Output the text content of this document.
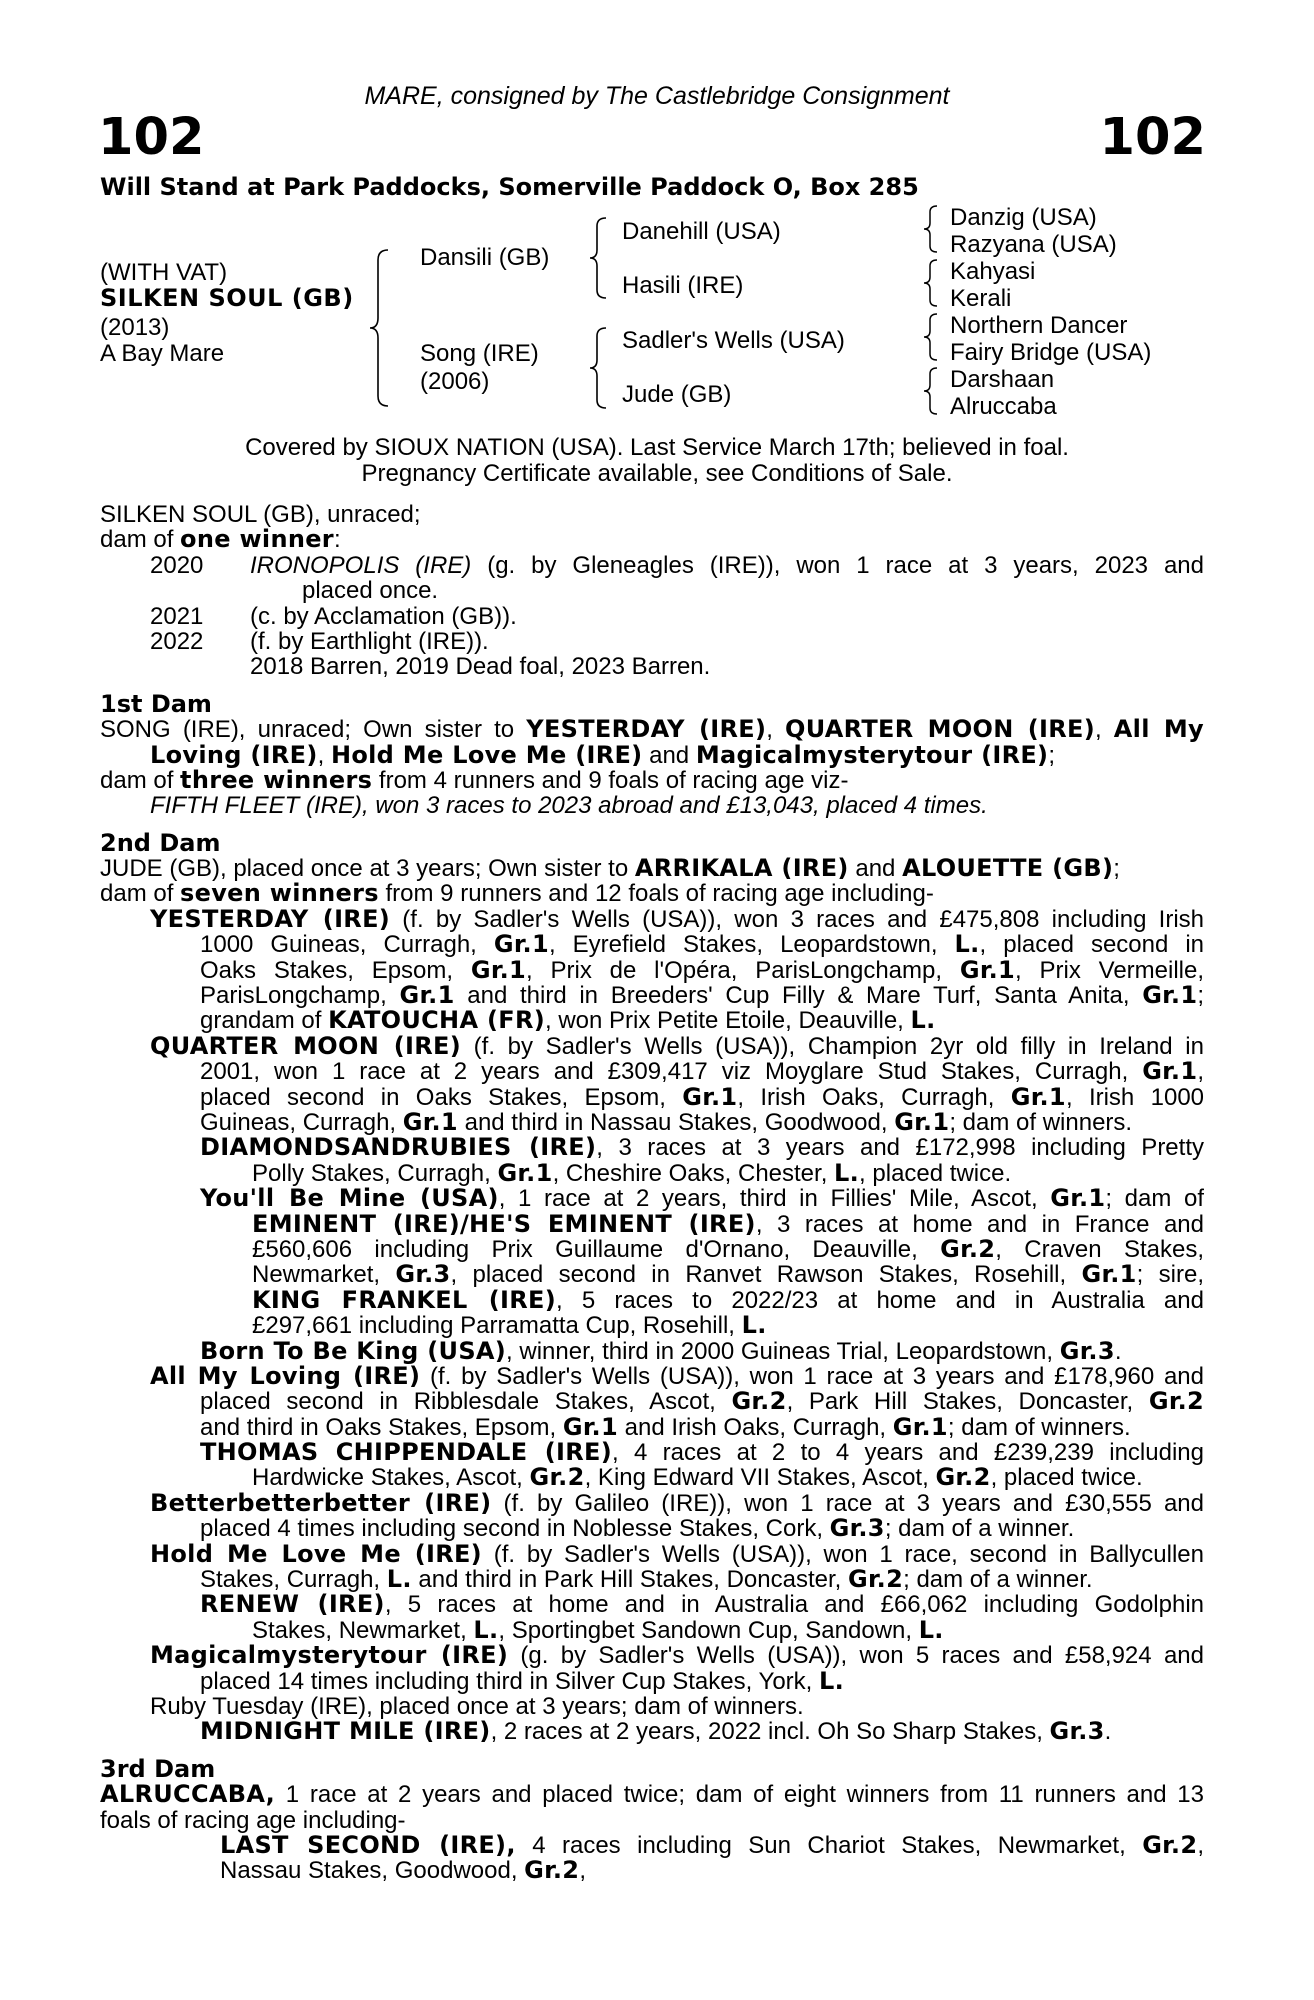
MARE, consigned by The Castlebridge Consignment
102	102
Will Stand at Park Paddocks, Somerville Paddock O, Box 285
(WITH VAT)
SILKEN SOUL (GB)
(2013)
A Bay Mare
Dansili (GB)
Song (IRE)
(2006)
Danehill (USA)
Hasili (IRE)
Sadler's Wells (USA)
Jude (GB)
Danzig (USA)
Razyana (USA)
Kahyasi
Kerali
Northern Dancer
Fairy Bridge (USA)
Darshaan
Alruccaba
Covered by SIOUX NATION (USA). Last Service March 17th; believed in foal.
Pregnancy Certificate available, see Conditions of Sale.
SILKEN SOUL (GB), unraced;
dam of one winner:
2020	IRONOPOLIS (IRE) (g. by Gleneagles (IRE)), won 1 race at 3 years, 2023 and
placed once.
2021 (c. by Acclamation (GB)).
2022 (f. by Earthlight (IRE)).
2018 Barren, 2019 Dead foal, 2023 Barren.
1st Dam
SONG (IRE), unraced; Own sister to YESTERDAY (IRE), QUARTER MOON (IRE), All My
Loving (IRE), Hold Me Love Me (IRE) and Magicalmysterytour (IRE);
dam of three winners from 4 runners and 9 foals of racing age viz-
FIFTH FLEET (IRE), won 3 races to 2023 abroad and £13,043, placed 4 times.
2nd Dam
JUDE (GB), placed once at 3 years; Own sister to ARRIKALA (IRE) and ALOUETTE (GB);
dam of seven winners from 9 runners and 12 foals of racing age including-
YESTERDAY (IRE) (f. by Sadler's Wells (USA)), won 3 races and £475,808 including Irish
1000 Guineas, Curragh, Gr.1, Eyrefield Stakes, Leopardstown, L., placed second in
Oaks Stakes, Epsom, Gr.1, Prix de l'Opéra, ParisLongchamp, Gr.1, Prix Vermeille,
ParisLongchamp, Gr.1 and third in Breeders' Cup Filly & Mare Turf, Santa Anita, Gr.1;
grandam of KATOUCHA (FR), won Prix Petite Etoile, Deauville, L.
QUARTER MOON (IRE) (f. by Sadler's Wells (USA)), Champion 2yr old filly in Ireland in
2001, won 1 race at 2 years and £309,417 viz Moyglare Stud Stakes, Curragh, Gr.1,
placed second in Oaks Stakes, Epsom, Gr.1, Irish Oaks, Curragh, Gr.1, Irish 1000
Guineas, Curragh, Gr.1 and third in Nassau Stakes, Goodwood, Gr.1; dam of winners.
DIAMONDSANDRUBIES (IRE), 3 races at 3 years and £172,998 including Pretty
Polly Stakes, Curragh, Gr.1, Cheshire Oaks, Chester, L., placed twice.
You'll Be Mine (USA), 1 race at 2 years, third in Fillies' Mile, Ascot, Gr.1; dam of
EMINENT (IRE)/HE'S EMINENT (IRE), 3 races at home and in France and
£560,606 including Prix Guillaume d'Ornano, Deauville, Gr.2, Craven Stakes,
Newmarket, Gr.3, placed second in Ranvet Rawson Stakes, Rosehill, Gr.1; sire,
KING FRANKEL (IRE), 5 races to 2022/23 at home and in Australia and
£297,661 including Parramatta Cup, Rosehill, L.
Born To Be King (USA), winner, third in 2000 Guineas Trial, Leopardstown, Gr.3.
All My Loving (IRE) (f. by Sadler's Wells (USA)), won 1 race at 3 years and £178,960 and
placed second in Ribblesdale Stakes, Ascot, Gr.2, Park Hill Stakes, Doncaster, Gr.2
and third in Oaks Stakes, Epsom, Gr.1 and Irish Oaks, Curragh, Gr.1; dam of winners.
THOMAS CHIPPENDALE (IRE), 4 races at 2 to 4 years and £239,239 including
Hardwicke Stakes, Ascot, Gr.2, King Edward VII Stakes, Ascot, Gr.2, placed twice.
Betterbetterbetter (IRE) (f. by Galileo (IRE)), won 1 race at 3 years and £30,555 and
placed 4 times including second in Noblesse Stakes, Cork, Gr.3; dam of a winner.
Hold Me Love Me (IRE) (f. by Sadler's Wells (USA)), won 1 race, second in Ballycullen
Stakes, Curragh, L. and third in Park Hill Stakes, Doncaster, Gr.2; dam of a winner.
RENEW (IRE), 5 races at home and in Australia and £66,062 including Godolphin
Stakes, Newmarket, L., Sportingbet Sandown Cup, Sandown, L.
Magicalmysterytour (IRE) (g. by Sadler's Wells (USA)), won 5 races and £58,924 and
placed 14 times including third in Silver Cup Stakes, York, L.
Ruby Tuesday (IRE), placed once at 3 years; dam of winners.
MIDNIGHT MILE (IRE), 2 races at 2 years, 2022 incl. Oh So Sharp Stakes, Gr.3.
3rd Dam
ALRUCCABA, 1 race at 2 years and placed twice; dam of eight winners from 11 runners and 13
foals of racing age including-
LAST SECOND (IRE), 4 races including Sun Chariot Stakes, Newmarket, Gr.2,
Nassau Stakes, Goodwood, Gr.2,
